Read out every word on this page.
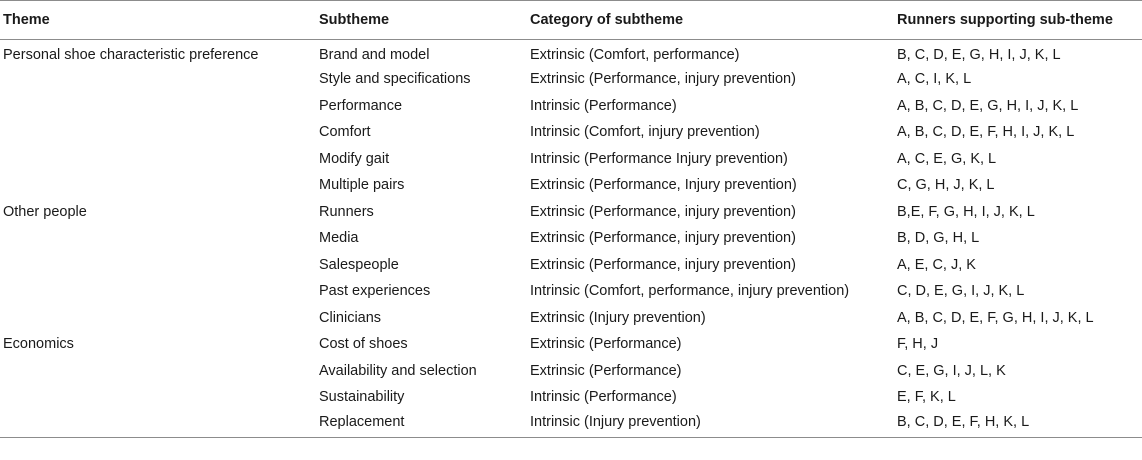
Theme	Subtheme	Category of subtheme	Runners supporting sub-theme
Personal shoe characteristic preference	Brand and model	Extrinsic (Comfort, performance)	B, C, D, E, G, H, I, J, K, L
	Style and specifications	Extrinsic (Performance, injury prevention)	A, C, I, K, L
	Performance	Intrinsic (Performance)	A, B, C, D, E, G, H, I, J, K, L
	Comfort	Intrinsic (Comfort, injury prevention)	A, B, C, D, E, F, H, I, J, K, L
	Modify gait	Intrinsic (Performance Injury prevention)	A, C, E, G, K, L
	Multiple pairs	Extrinsic (Performance, Injury prevention)	C, G, H, J, K, L
Other people	Runners	Extrinsic (Performance, injury prevention)	B,E, F, G, H, I, J, K, L
	Media	Extrinsic (Performance, injury prevention)	B, D, G, H, L
	Salespeople	Extrinsic (Performance, injury prevention)	A, E, C, J, K
	Past experiences	Intrinsic (Comfort, performance, injury prevention)	C, D, E, G, I, J, K, L
	Clinicians	Extrinsic (Injury prevention)	A, B, C, D, E, F, G, H, I, J, K, L
Economics	Cost of shoes	Extrinsic (Performance)	F, H, J
	Availability and selection	Extrinsic (Performance)	C, E, G, I, J, L, K
	Sustainability	Intrinsic (Performance)	E, F, K, L
	Replacement	Intrinsic (Injury prevention)	B, C, D, E, F, H, K, L
